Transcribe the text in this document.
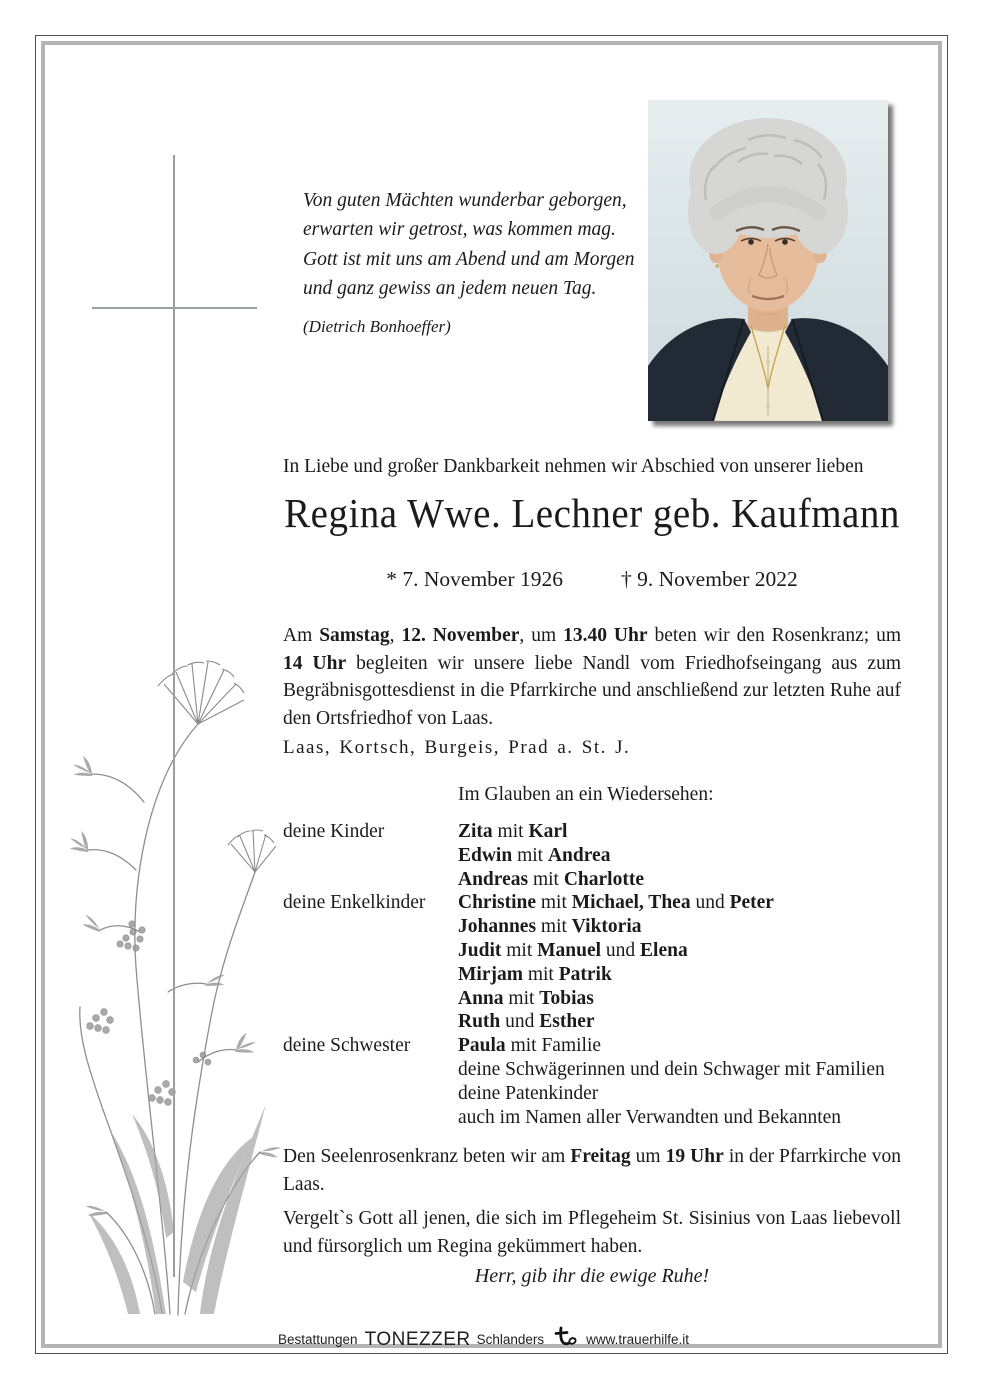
Von guten Mächten wunderbar geborgen,
erwarten wir getrost, was kommen mag.
Gott ist mit uns am Abend und am Morgen
und ganz gewiss an jedem neuen Tag.
(Dietrich Bonhoeffer)
In Liebe und großer Dankbarkeit nehmen wir Abschied von unserer lieben
Regina Wwe. Lechner geb. Kaufmann
* 7. November 1926	† 9. November 2022
Am Samstag, 12. November, um 13.40 Uhr beten wir den Rosenkranz; um 14 Uhr begleiten wir unsere liebe Nandl vom Friedhofseingang aus zum Begräbnisgottesdienst in die Pfarrkirche und anschließend zur letzten Ruhe auf den Ortsfriedhof von Laas.
Laas, Kortsch, Burgeis, Prad a. St. J.
Im Glauben an ein Wiedersehen:
deine Kinder	Zita mit Karl
Edwin mit Andrea
Andreas mit Charlotte
deine Enkelkinder	Christine mit Michael, Thea und Peter
Johannes mit Viktoria
Judit mit Manuel und Elena
Mirjam mit Patrik
Anna mit Tobias
Ruth und Esther
deine Schwester	Paula mit Familie
deine Schwägerinnen und dein Schwager mit Familien
deine Patenkinder
auch im Namen aller Verwandten und Bekannten
Den Seelenrosenkranz beten wir am Freitag um 19 Uhr in der Pfarrkirche von Laas.
Vergelt`s Gott all jenen, die sich im Pflegeheim St. Sisinius von Laas liebevoll und fürsorglich um Regina gekümmert haben.
Herr, gib ihr die ewige Ruhe!
Bestattungen TONEZZER Schlanders	www.trauerhilfe.it
